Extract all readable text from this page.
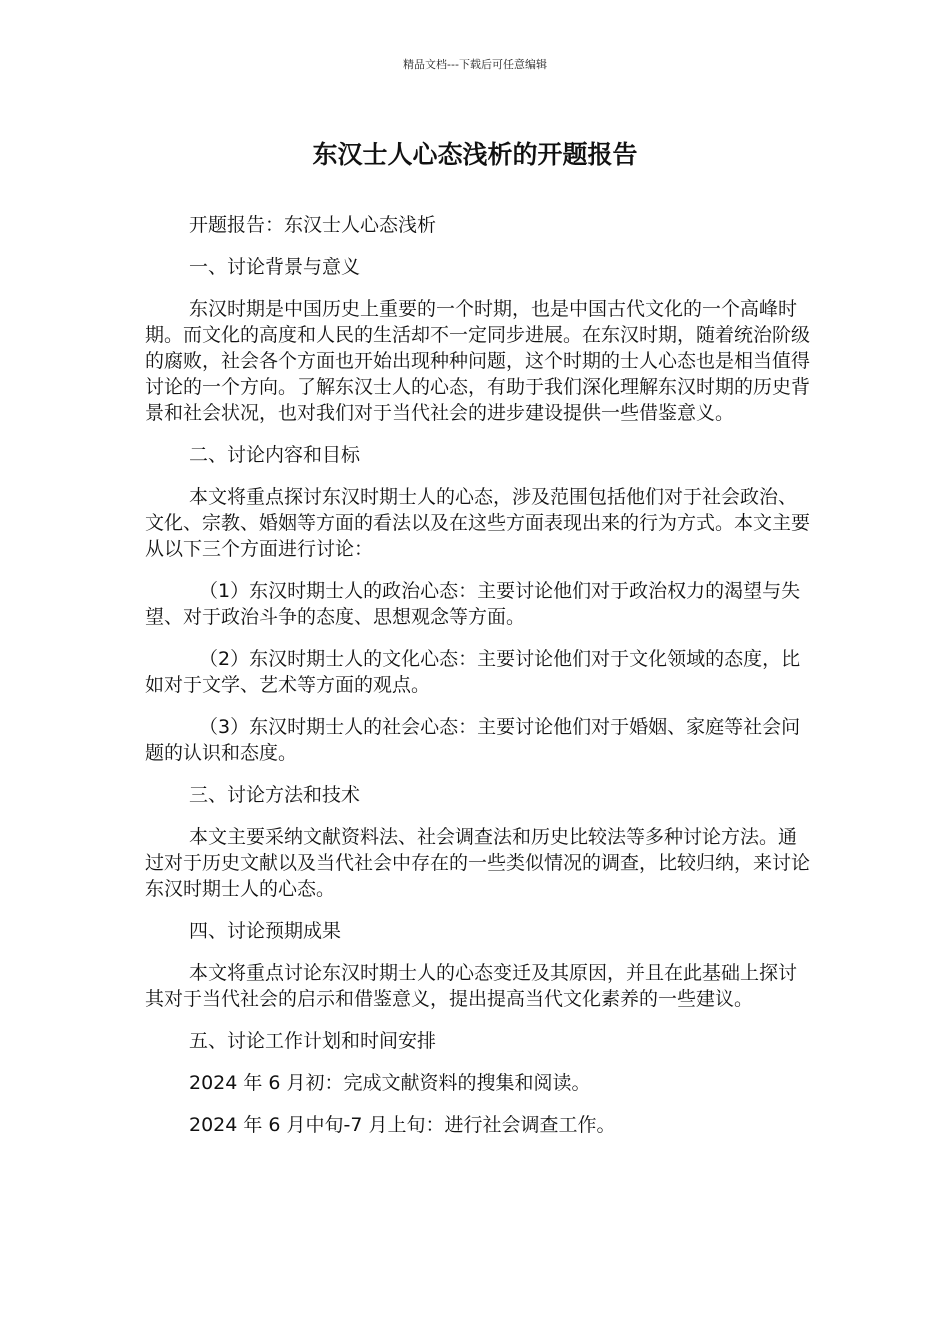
精品文档---下载后可任意编辑
东汉士人心态浅析的开题报告

开题报告：东汉士人心态浅析

一、讨论背景与意义

东汉时期是中国历史上重要的一个时期，也是中国古代文化的一个高峰时期。而文化的高度和人民的生活却不一定同步进展。在东汉时期，随着统治阶级的腐败，社会各个方面也开始出现种种问题，这个时期的士人心态也是相当值得讨论的一个方向。了解东汉士人的心态，有助于我们深化理解东汉时期的历史背景和社会状况，也对我们对于当代社会的进步建设提供一些借鉴意义。

二、讨论内容和目标

本文将重点探讨东汉时期士人的心态，涉及范围包括他们对于社会政治、文化、宗教、婚姻等方面的看法以及在这些方面表现出来的行为方式。本文主要从以下三个方面进行讨论：

（1）东汉时期士人的政治心态：主要讨论他们对于政治权力的渴望与失望、对于政治斗争的态度、思想观念等方面。

（2）东汉时期士人的文化心态：主要讨论他们对于文化领域的态度，比如对于文学、艺术等方面的观点。

（3）东汉时期士人的社会心态：主要讨论他们对于婚姻、家庭等社会问题的认识和态度。

三、讨论方法和技术

本文主要采纳文献资料法、社会调查法和历史比较法等多种讨论方法。通过对于历史文献以及当代社会中存在的一些类似情况的调查，比较归纳，来讨论东汉时期士人的心态。

四、讨论预期成果

本文将重点讨论东汉时期士人的心态变迁及其原因，并且在此基础上探讨其对于当代社会的启示和借鉴意义，提出提高当代文化素养的一些建议。

五、讨论工作计划和时间安排

2024 年 6 月初：完成文献资料的搜集和阅读。

2024 年 6 月中旬-7 月上旬：进行社会调查工作。
